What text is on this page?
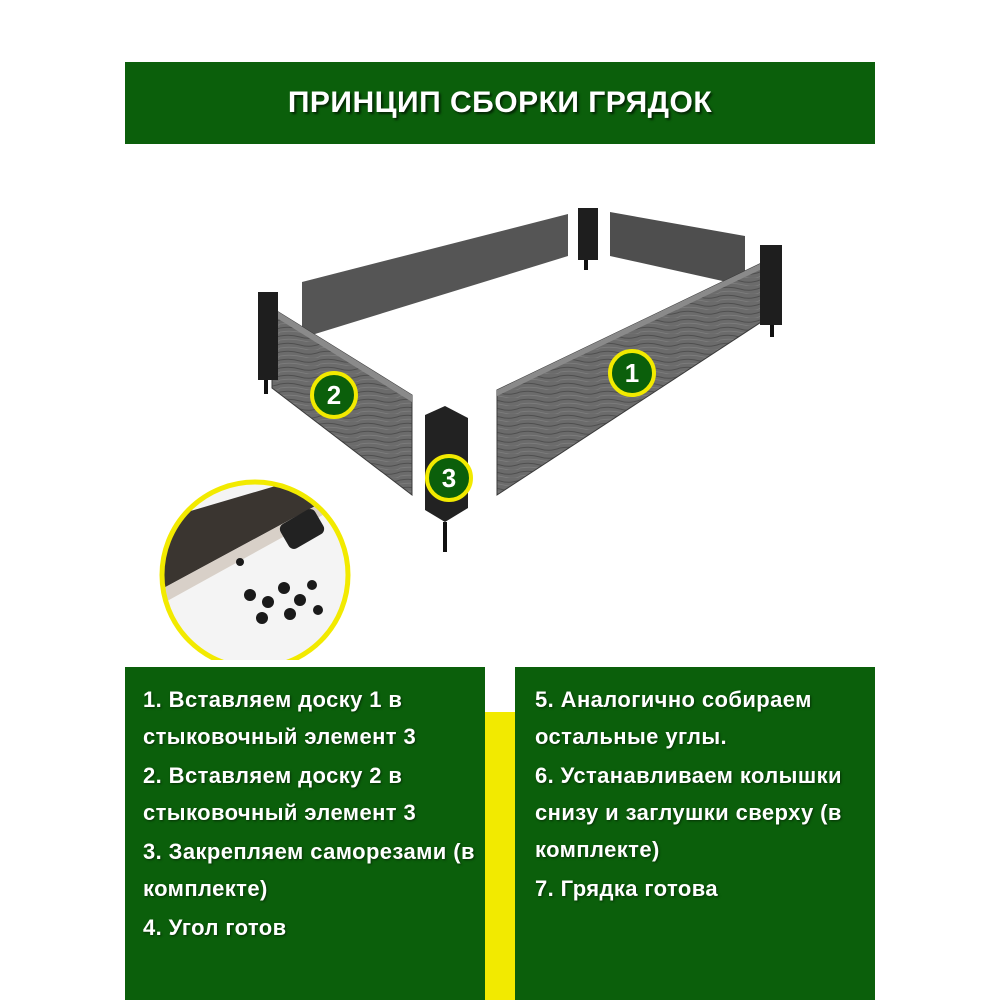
ПРИНЦИП СБОРКИ ГРЯДОК
1
2
3
1. Вставляем доску 1 в стыковочный элемент 3
2. Вставляем доску 2 в стыковочный элемент 3
3. Закрепляем саморезами (в комплекте)
4. Угол готов
5. Аналогично собираем остальные углы.
6. Устанавливаем колышки снизу и заглушки сверху (в комплекте)
7. Грядка готова
